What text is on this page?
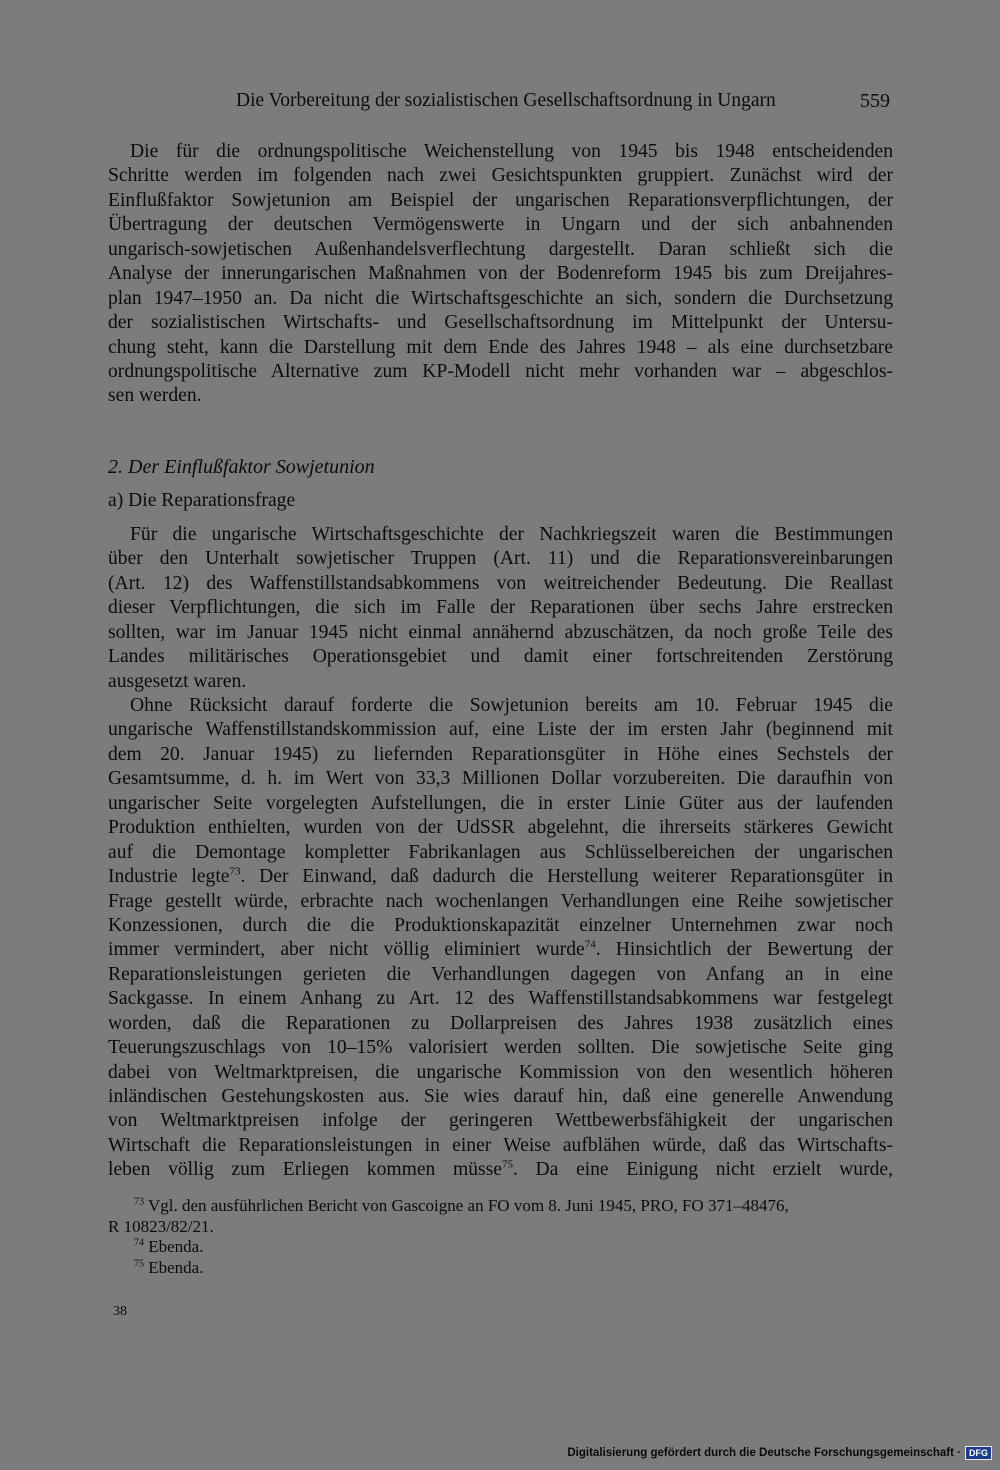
Die Vorbereitung der sozialistischen Gesellschaftsordnung in Ungarn	559
Die für die ordnungspolitische Weichenstellung von 1945 bis 1948 entscheidenden
Schritte werden im folgenden nach zwei Gesichtspunkten gruppiert. Zunächst wird der
Einflußfaktor Sowjetunion am Beispiel der ungarischen Reparationsverpflichtungen, der
Übertragung der deutschen Vermögenswerte in Ungarn und der sich anbahnenden
ungarisch-sowjetischen Außenhandelsverflechtung dargestellt. Daran schließt sich die
Analyse der innerungarischen Maßnahmen von der Bodenreform 1945 bis zum Dreijahres-
plan 1947–1950 an. Da nicht die Wirtschaftsgeschichte an sich, sondern die Durchsetzung
der sozialistischen Wirtschafts- und Gesellschaftsordnung im Mittelpunkt der Untersu-
chung steht, kann die Darstellung mit dem Ende des Jahres 1948 – als eine durchsetzbare
ordnungspolitische Alternative zum KP-Modell nicht mehr vorhanden war – abgeschlos-
sen werden.
2. Der Einflußfaktor Sowjetunion
a) Die Reparationsfrage
Für die ungarische Wirtschaftsgeschichte der Nachkriegszeit waren die Bestimmungen
über den Unterhalt sowjetischer Truppen (Art. 11) und die Reparationsvereinbarungen
(Art. 12) des Waffenstillstandsabkommens von weitreichender Bedeutung. Die Reallast
dieser Verpflichtungen, die sich im Falle der Reparationen über sechs Jahre erstrecken
sollten, war im Januar 1945 nicht einmal annähernd abzuschätzen, da noch große Teile des
Landes militärisches Operationsgebiet und damit einer fortschreitenden Zerstörung
ausgesetzt waren.
Ohne Rücksicht darauf forderte die Sowjetunion bereits am 10. Februar 1945 die
ungarische Waffenstillstandskommission auf, eine Liste der im ersten Jahr (beginnend mit
dem 20. Januar 1945) zu liefernden Reparationsgüter in Höhe eines Sechstels der
Gesamtsumme, d. h. im Wert von 33,3 Millionen Dollar vorzubereiten. Die daraufhin von
ungarischer Seite vorgelegten Aufstellungen, die in erster Linie Güter aus der laufenden
Produktion enthielten, wurden von der UdSSR abgelehnt, die ihrerseits stärkeres Gewicht
auf die Demontage kompletter Fabrikanlagen aus Schlüsselbereichen der ungarischen
Industrie legte$^{73}$. Der Einwand, daß dadurch die Herstellung weiterer Reparationsgüter in
Frage gestellt würde, erbrachte nach wochenlangen Verhandlungen eine Reihe sowjetischer
Konzessionen, durch die die Produktionskapazität einzelner Unternehmen zwar noch
immer vermindert, aber nicht völlig eliminiert wurde$^{74}$. Hinsichtlich der Bewertung der
Reparationsleistungen gerieten die Verhandlungen dagegen von Anfang an in eine
Sackgasse. In einem Anhang zu Art. 12 des Waffenstillstandsabkommens war festgelegt
worden, daß die Reparationen zu Dollarpreisen des Jahres 1938 zusätzlich eines
Teuerungszuschlags von 10–15% valorisiert werden sollten. Die sowjetische Seite ging
dabei von Weltmarktpreisen, die ungarische Kommission von den wesentlich höheren
inländischen Gestehungskosten aus. Sie wies darauf hin, daß eine generelle Anwendung
von Weltmarktpreisen infolge der geringeren Wettbewerbsfähigkeit der ungarischen
Wirtschaft die Reparationsleistungen in einer Weise aufblähen würde, daß das Wirtschafts-
leben völlig zum Erliegen kommen müsse$^{75}$. Da eine Einigung nicht erzielt wurde,
$^{73}$ Vgl. den ausführlichen Bericht von Gascoigne an FO vom 8. Juni 1945, PRO, FO 371–48476,
R 10823/82/21.
$^{74}$ Ebenda.
$^{75}$ Ebenda.
38
Digitalisierung gefördert durch die Deutsche Forschungsgemeinschaft · DFG
